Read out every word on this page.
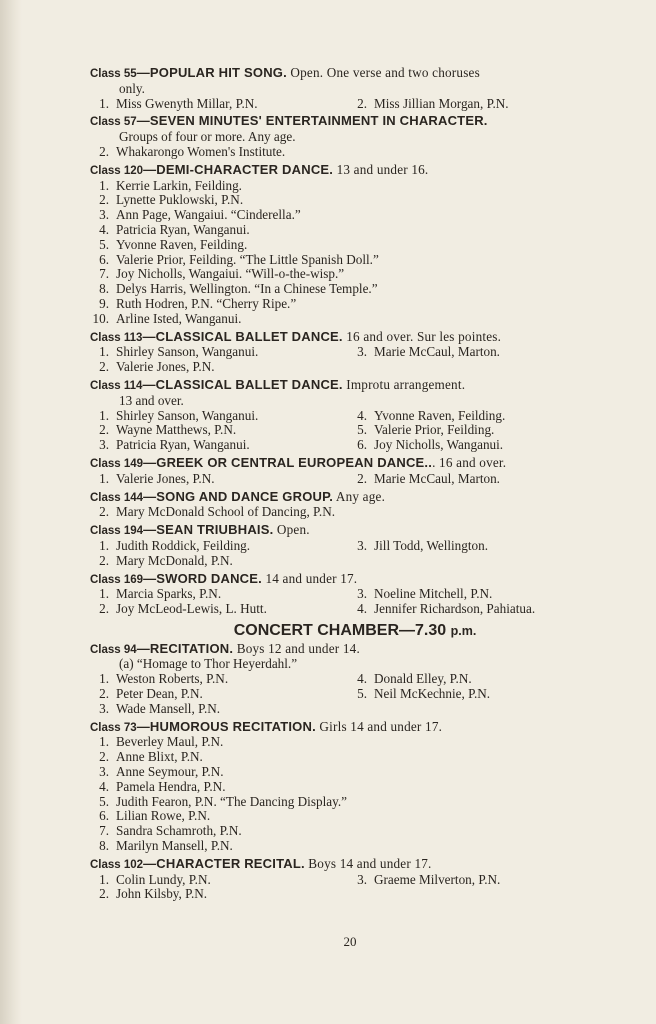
Class 55—POPULAR HIT SONG. Open. One verse and two choruses
only.
1. Miss Gwenyth Millar, P.N.	2. Miss Jillian Morgan, P.N.
Class 57—SEVEN MINUTES' ENTERTAINMENT IN CHARACTER.
Groups of four or more. Any age.
2. Whakarongo Women's Institute.
Class 120—DEMI-CHARACTER DANCE. 13 and under 16.
1. Kerrie Larkin, Feilding.
2. Lynette Puklowski, P.N.
3. Ann Page, Wangaiui. “Cinderella.”
4. Patricia Ryan, Wanganui.
5. Yvonne Raven, Feilding.
6. Valerie Prior, Feilding. “The Little Spanish Doll.”
7. Joy Nicholls, Wangaiui. “Will-o-the-wisp.”
8. Delys Harris, Wellington. “In a Chinese Temple.”
9. Ruth Hodren, P.N. “Cherry Ripe.”
10. Arline Isted, Wanganui.
Class 113—CLASSICAL BALLET DANCE. 16 and over. Sur les pointes.
1. Shirley Sanson, Wanganui.	3. Marie McCaul, Marton.
2. Valerie Jones, P.N.
Class 114—CLASSICAL BALLET DANCE. Improtu arrangement.
13 and over.
1. Shirley Sanson, Wanganui.	4. Yvonne Raven, Feilding.
2. Wayne Matthews, P.N.	5. Valerie Prior, Feilding.
3. Patricia Ryan, Wanganui.	6. Joy Nicholls, Wanganui.
Class 149—GREEK OR CENTRAL EUROPEAN DANCE... 16 and over.
1. Valerie Jones, P.N.	2. Marie McCaul, Marton.
Class 144—SONG AND DANCE GROUP. Any age.
2. Mary McDonald School of Dancing, P.N.
Class 194—SEAN TRIUBHAIS. Open.
1. Judith Roddick, Feilding.	3. Jill Todd, Wellington.
2. Mary McDonald, P.N.
Class 169—SWORD DANCE. 14 and under 17.
1. Marcia Sparks, P.N.	3. Noeline Mitchell, P.N.
2. Joy McLeod-Lewis, L. Hutt.	4. Jennifer Richardson, Pahiatua.
CONCERT CHAMBER—7.30 p.m.
Class 94—RECITATION. Boys 12 and under 14.
(a) “Homage to Thor Heyerdahl.”
1. Weston Roberts, P.N.	4. Donald Elley, P.N.
2. Peter Dean, P.N.	5. Neil McKechnie, P.N.
3. Wade Mansell, P.N.
Class 73—HUMOROUS RECITATION. Girls 14 and under 17.
1. Beverley Maul, P.N.
2. Anne Blixt, P.N.
3. Anne Seymour, P.N.
4. Pamela Hendra, P.N.
5. Judith Fearon, P.N. “The Dancing Display.”
6. Lilian Rowe, P.N.
7. Sandra Schamroth, P.N.
8. Marilyn Mansell, P.N.
Class 102—CHARACTER RECITAL. Boys 14 and under 17.
1. Colin Lundy, P.N.	3. Graeme Milverton, P.N.
2. John Kilsby, P.N.
20
